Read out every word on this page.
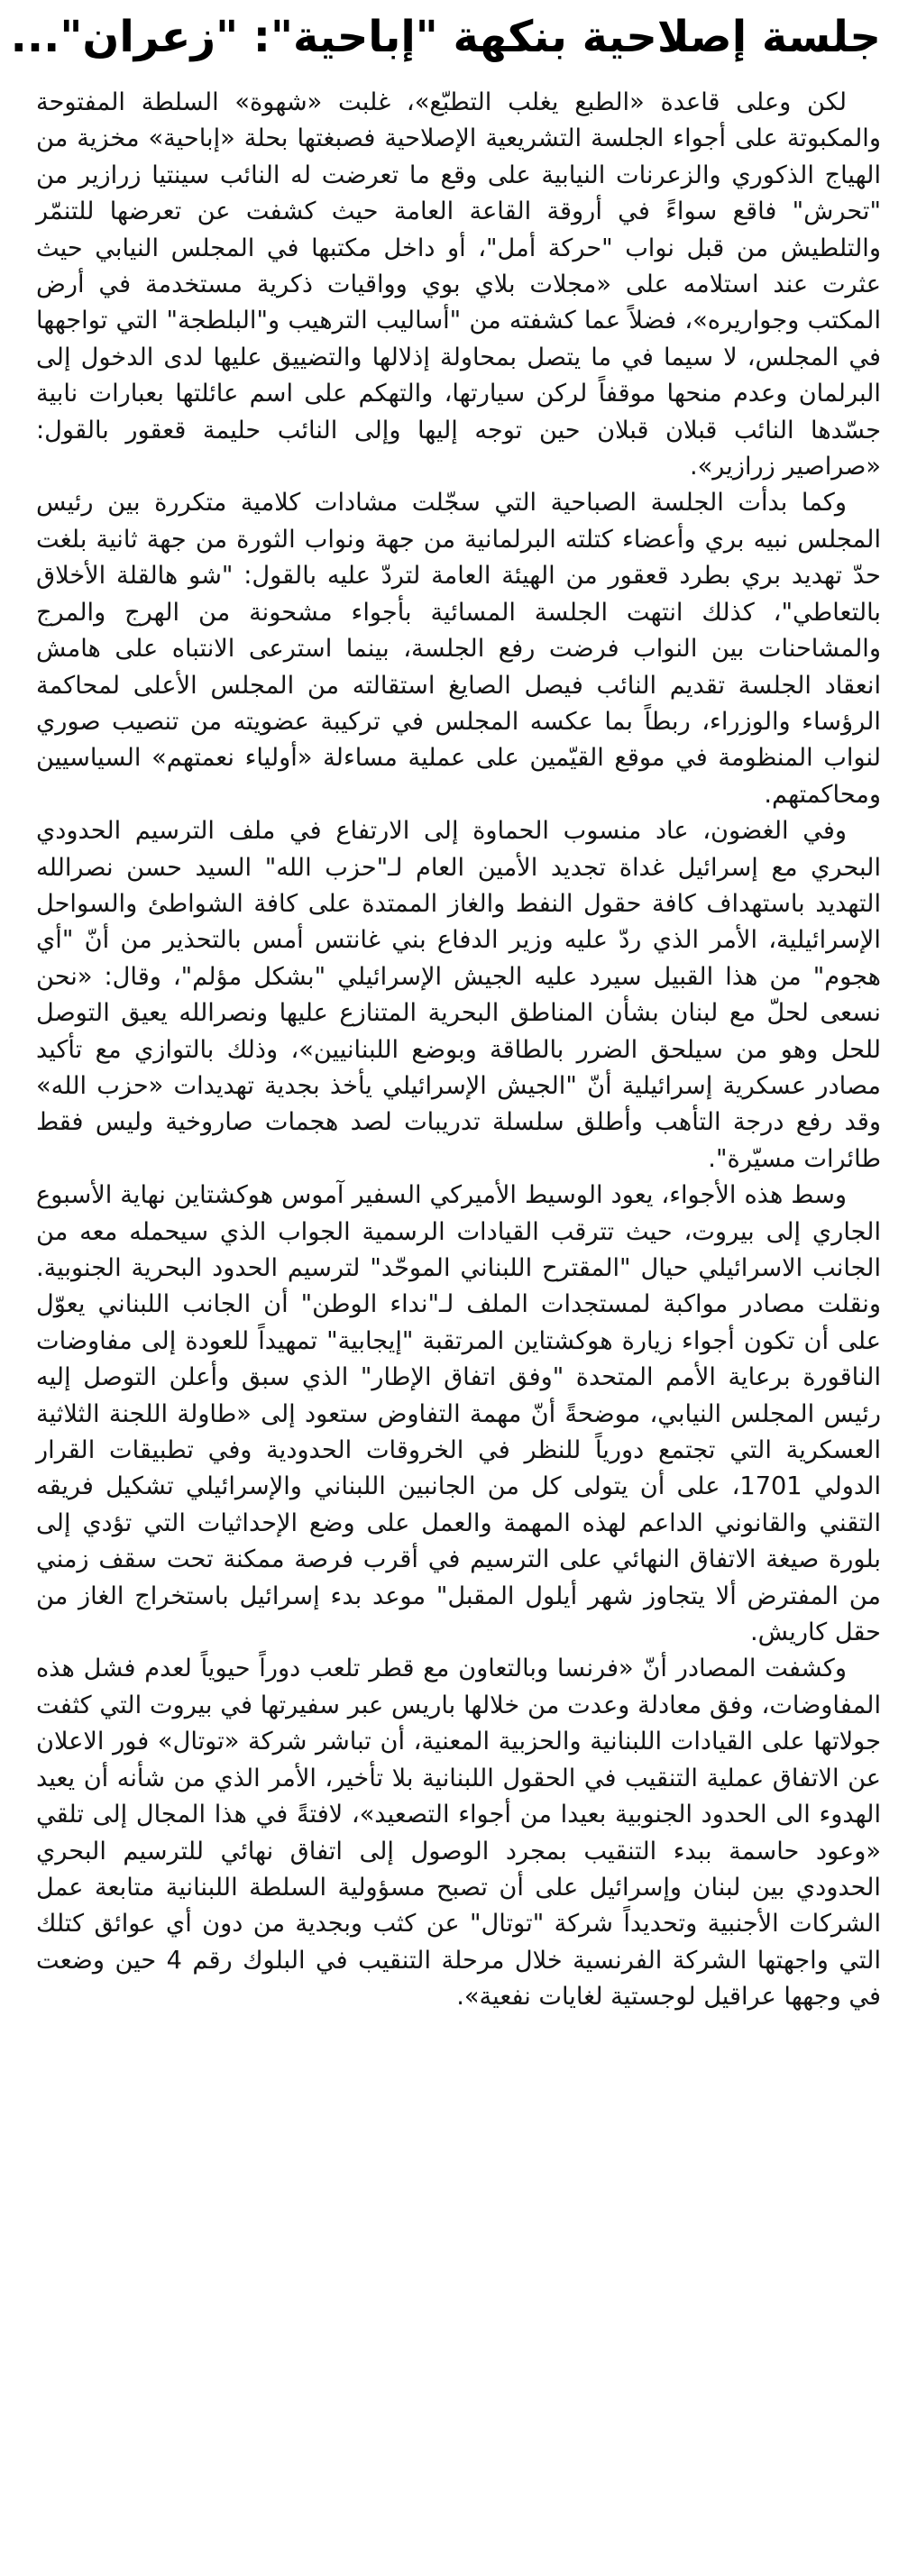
جلسة إصلاحية بنكهة "إباحية": "زعران"...

لكن وعلى قاعدة «الطبع يغلب التطبّع»، غلبت «شهوة» السلطة المفتوحة والمكبوتة على أجواء الجلسة التشريعية الإصلاحية فصبغتها بحلة «إباحية» مخزية من الهياج الذكوري والزعرنات النيابية على وقع ما تعرضت له النائب سينتيا زرازير من "تحرش" فاقع سواءً في أروقة القاعة العامة حيث كشفت عن تعرضها للتنمّر والتلطيش من قبل نواب "حركة أمل"، أو داخل مكتبها في المجلس النيابي حيث عثرت عند استلامه على «مجلات بلاي بوي وواقيات ذكرية مستخدمة في أرض المكتب وجواريره»، فضلاً عما كشفته من "أساليب الترهيب و"البلطجة" التي تواجهها في المجلس، لا سيما في ما يتصل بمحاولة إذلالها والتضييق عليها لدى الدخول إلى البرلمان وعدم منحها موقفاً لركن سيارتها، والتهكم على اسم عائلتها بعبارات نابية جسّدها النائب قبلان قبلان حين توجه إليها وإلى النائب حليمة قعقور بالقول: «صراصير زرازير».

وكما بدأت الجلسة الصباحية التي سجّلت مشادات كلامية متكررة بين رئيس المجلس نبيه بري وأعضاء كتلته البرلمانية من جهة ونواب الثورة من جهة ثانية بلغت حدّ تهديد بري بطرد قعقور من الهيئة العامة لتردّ عليه بالقول: "شو هالقلة الأخلاق بالتعاطي"، كذلك انتهت الجلسة المسائية بأجواء مشحونة من الهرج والمرج والمشاحنات بين النواب فرضت رفع الجلسة، بينما استرعى الانتباه على هامش انعقاد الجلسة تقديم النائب فيصل الصايغ استقالته من المجلس الأعلى لمحاكمة الرؤساء والوزراء، ربطاً بما عكسه المجلس في تركيبة عضويته من تنصيب صوري لنواب المنظومة في موقع القيّمين على عملية مساءلة «أولياء نعمتهم» السياسيين ومحاكمتهم.

وفي الغضون، عاد منسوب الحماوة إلى الارتفاع في ملف الترسيم الحدودي البحري مع إسرائيل غداة تجديد الأمين العام لـ"حزب الله" السيد حسن نصرالله التهديد باستهداف كافة حقول النفط والغاز الممتدة على كافة الشواطئ والسواحل الإسرائيلية، الأمر الذي ردّ عليه وزير الدفاع بني غانتس أمس بالتحذير من أنّ "أي هجوم" من هذا القبيل سيرد عليه الجيش الإسرائيلي "بشكل مؤلم"، وقال: «نحن نسعى لحلّ مع لبنان بشأن المناطق البحرية المتنازع عليها ونصرالله يعيق التوصل للحل وهو من سيلحق الضرر بالطاقة وبوضع اللبنانيين»، وذلك بالتوازي مع تأكيد مصادر عسكرية إسرائيلية أنّ "الجيش الإسرائيلي يأخذ بجدية تهديدات «حزب الله» وقد رفع درجة التأهب وأطلق سلسلة تدريبات لصد هجمات صاروخية وليس فقط طائرات مسيّرة".

وسط هذه الأجواء، يعود الوسيط الأميركي السفير آموس هوكشتاين نهاية الأسبوع الجاري إلى بيروت، حيث تترقب القيادات الرسمية الجواب الذي سيحمله معه من الجانب الاسرائيلي حيال "المقترح اللبناني الموحّد" لترسيم الحدود البحرية الجنوبية. ونقلت مصادر مواكبة لمستجدات الملف لـ"نداء الوطن" أن الجانب اللبناني يعوّل على أن تكون أجواء زيارة هوكشتاين المرتقبة "إيجابية" تمهيداً للعودة إلى مفاوضات الناقورة برعاية الأمم المتحدة "وفق اتفاق الإطار" الذي سبق وأعلن التوصل إليه رئيس المجلس النيابي، موضحةً أنّ مهمة التفاوض ستعود إلى «طاولة اللجنة الثلاثية العسكرية التي تجتمع دورياً للنظر في الخروقات الحدودية وفي تطبيقات القرار الدولي 1701، على أن يتولى كل من الجانبين اللبناني والإسرائيلي تشكيل فريقه التقني والقانوني الداعم لهذه المهمة والعمل على وضع الإحداثيات التي تؤدي إلى بلورة صيغة الاتفاق النهائي على الترسيم في أقرب فرصة ممكنة تحت سقف زمني من المفترض ألا يتجاوز شهر أيلول المقبل" موعد بدء إسرائيل باستخراج الغاز من حقل كاريش.

وكشفت المصادر أنّ «فرنسا وبالتعاون مع قطر تلعب دوراً حيوياً لعدم فشل هذه المفاوضات، وفق معادلة وعدت من خلالها باريس عبر سفيرتها في بيروت التي كثفت جولاتها على القيادات اللبنانية والحزبية المعنية، أن تباشر شركة «توتال» فور الاعلان عن الاتفاق عملية التنقيب في الحقول اللبنانية بلا تأخير، الأمر الذي من شأنه أن يعيد الهدوء الى الحدود الجنوبية بعيدا من أجواء التصعيد»، لافتةً في هذا المجال إلى تلقي «وعود حاسمة ببدء التنقيب بمجرد الوصول إلى اتفاق نهائي للترسيم البحري الحدودي بين لبنان وإسرائيل على أن تصبح مسؤولية السلطة اللبنانية متابعة عمل الشركات الأجنبية وتحديداً شركة "توتال" عن كثب وبجدية من دون أي عوائق كتلك التي واجهتها الشركة الفرنسية خلال مرحلة التنقيب في البلوك رقم 4 حين وضعت في وجهها عراقيل لوجستية لغايات نفعية».
